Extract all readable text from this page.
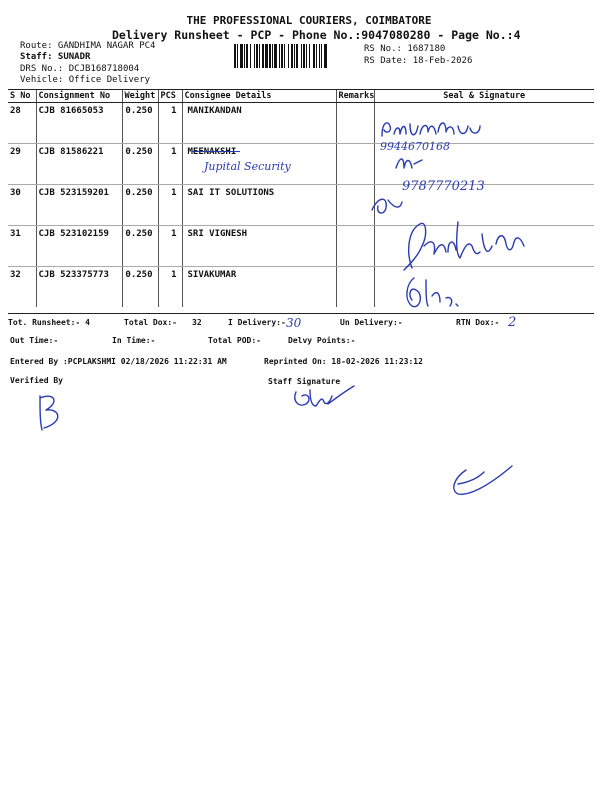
THE PROFESSIONAL COURIERS, COIMBATORE
Delivery Runsheet - PCP - Phone No.:9047080280 - Page No.:4
Route: GANDHIMA NAGAR PC4
Staff: SUNADR
DRS No.: DCJB168718004
Vehicle: Office Delivery
RS No.: 1687180
RS Date: 18-Feb-2026
S No	Consignment No	Weight	PCS	Consignee Details	Remarks	Seal & Signature
28	CJB 81665053	0.250	1	MANIKANDAN		
29	CJB 81586221	0.250	1	MEENAKSHI		
30	CJB 523159201	0.250	1	SAI IT SOLUTIONS		
31	CJB 523102159	0.250	1	SRI VIGNESH		
32	CJB 523375773	0.250	1	SIVAKUMAR		
9944670168
Jupital Security
9787770213
Tot. Runsheet:- 4	Total Dox:- 32	I Delivery:- 30	Un Delivery:-	RTN Dox:- 2
Out Time:-	In Time:-	Total POD:-	Delvy Points:-
Entered By :PCPLAKSHMI 02/18/2026 11:22:31 AM	Reprinted On: 18-02-2026 11:23:12
Verified By	Staff Signature
